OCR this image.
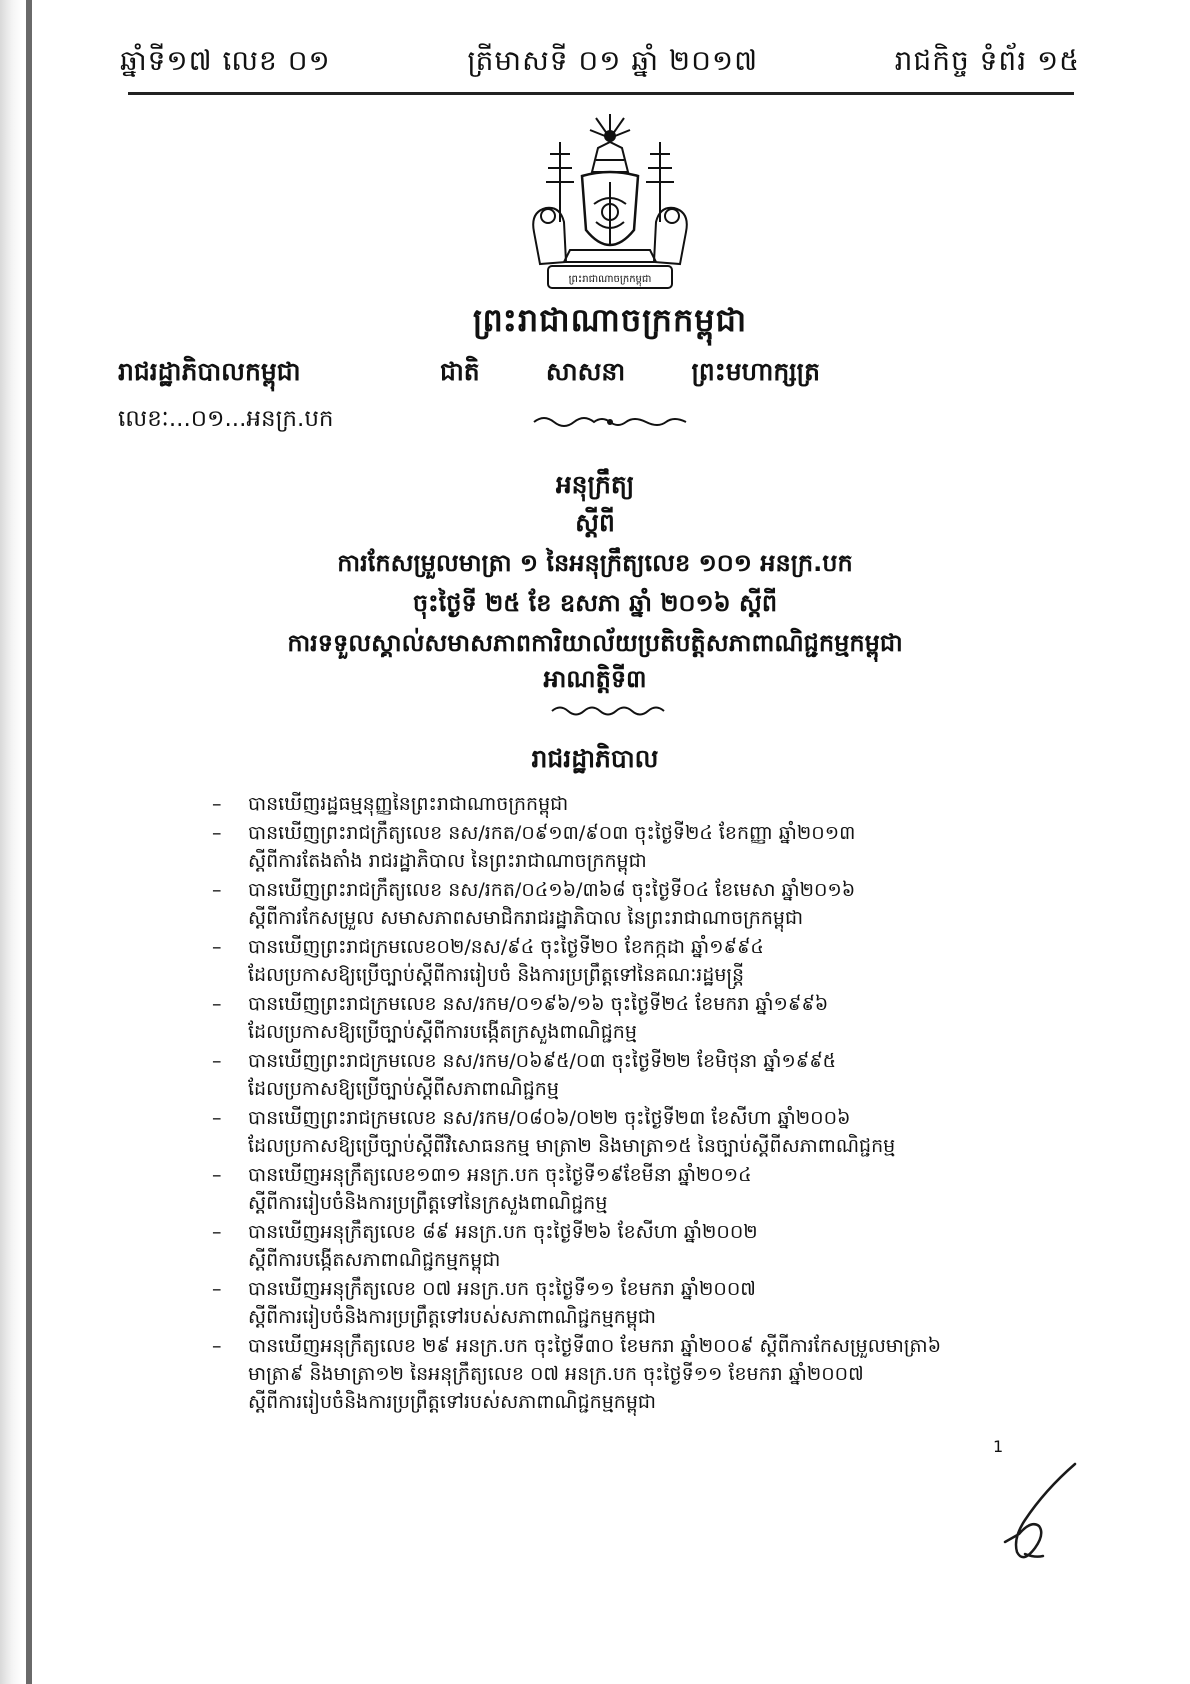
ឆ្នាំទី១៧ លេខ ០១	ត្រីមាសទី ០១ ឆ្នាំ ២០១៧	រាជកិច្ច ទំព័រ ១៥
ព្រះរាជាណាចក្រកម្ពុជា
ព្រះរាជាណាចក្រកម្ពុជា
រាជរដ្ឋាភិបាលកម្ពុជា	ជាតិ	សាសនា	ព្រះមហាក្សត្រ
លេខៈ...០១...អនក្រ.បក
អនុក្រឹត្យ
ស្ដីពី
ការកែសម្រួលមាត្រា ១ នៃអនុក្រឹត្យលេខ ១០១ អនក្រ.បក
ចុះថ្ងៃទី ២៥ ខែ ឧសភា ឆ្នាំ ២០១៦ ស្ដីពី
ការទទួលស្គាល់សមាសភាពការិយាល័យប្រតិបត្តិសភាពាណិជ្ជកម្មកម្ពុជា
អាណត្តិទី៣
រាជរដ្ឋាភិបាល
– បានឃើញរដ្ឋធម្មនុញ្ញនៃព្រះរាជាណាចក្រកម្ពុជា
– បានឃើញព្រះរាជក្រឹត្យលេខ នស/រកត/០៩១៣/៩០៣ ចុះថ្ងៃទី២៤ ខែកញ្ញា ឆ្នាំ២០១៣
ស្ដីពីការតែងតាំង រាជរដ្ឋាភិបាល នៃព្រះរាជាណាចក្រកម្ពុជា
– បានឃើញព្រះរាជក្រឹត្យលេខ នស/រកត/០៤១៦/៣៦៨ ចុះថ្ងៃទី០៤ ខែមេសា ឆ្នាំ២០១៦
ស្ដីពីការកែសម្រួល សមាសភាពសមាជិករាជរដ្ឋាភិបាល នៃព្រះរាជាណាចក្រកម្ពុជា
– បានឃើញព្រះរាជក្រមលេខ០២/នស/៩៤ ចុះថ្ងៃទី២០ ខែកក្កដា ឆ្នាំ១៩៩៤
ដែលប្រកាសឱ្យប្រើច្បាប់ស្ដីពីការរៀបចំ និងការប្រព្រឹត្តទៅនៃគណៈរដ្ឋមន្ត្រី
– បានឃើញព្រះរាជក្រមលេខ នស/រកម/០១៩៦/១៦ ចុះថ្ងៃទី២៤ ខែមករា ឆ្នាំ១៩៩៦
ដែលប្រកាសឱ្យប្រើច្បាប់ស្ដីពីការបង្កើតក្រសួងពាណិជ្ជកម្ម
– បានឃើញព្រះរាជក្រមលេខ នស/រកម/០៦៩៥/០៣ ចុះថ្ងៃទី២២ ខែមិថុនា ឆ្នាំ១៩៩៥
ដែលប្រកាសឱ្យប្រើច្បាប់ស្ដីពីសភាពាណិជ្ជកម្ម
– បានឃើញព្រះរាជក្រមលេខ នស/រកម/០៨០៦/០២២ ចុះថ្ងៃទី២៣ ខែសីហា ឆ្នាំ២០០៦
ដែលប្រកាសឱ្យប្រើច្បាប់ស្ដីពីវិសោធនកម្ម មាត្រា២ និងមាត្រា១៥ នៃច្បាប់ស្ដីពីសភាពាណិជ្ជកម្ម
– បានឃើញអនុក្រឹត្យលេខ១៣១ អនក្រ.បក ចុះថ្ងៃទី១៩ខែមីនា ឆ្នាំ២០១៤
ស្ដីពីការរៀបចំនិងការប្រព្រឹត្តទៅនៃក្រសួងពាណិជ្ជកម្ម
– បានឃើញអនុក្រឹត្យលេខ ៨៩ អនក្រ.បក ចុះថ្ងៃទី២៦ ខែសីហា ឆ្នាំ២០០២
ស្ដីពីការបង្កើតសភាពាណិជ្ជកម្មកម្ពុជា
– បានឃើញអនុក្រឹត្យលេខ ០៧ អនក្រ.បក ចុះថ្ងៃទី១១ ខែមករា ឆ្នាំ២០០៧
ស្ដីពីការរៀបចំនិងការប្រព្រឹត្តទៅរបស់សភាពាណិជ្ជកម្មកម្ពុជា
– បានឃើញអនុក្រឹត្យលេខ ២៩ អនក្រ.បក ចុះថ្ងៃទី៣០ ខែមករា ឆ្នាំ២០០៩ ស្ដីពីការកែសម្រួលមាត្រា៦
មាត្រា៩ និងមាត្រា១២ នៃអនុក្រឹត្យលេខ ០៧ អនក្រ.បក ចុះថ្ងៃទី១១ ខែមករា ឆ្នាំ២០០៧
ស្ដីពីការរៀបចំនិងការប្រព្រឹត្តទៅរបស់សភាពាណិជ្ជកម្មកម្ពុជា
1
